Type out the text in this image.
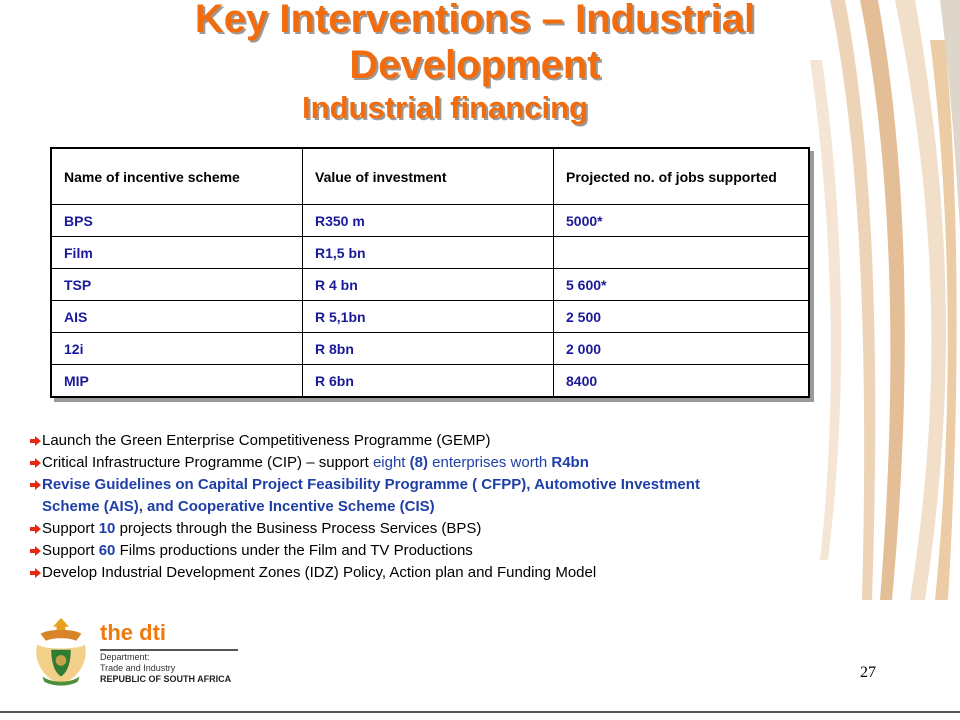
Key Interventions – Industrial Development
Industrial financing
Name of incentive scheme	Value of investment	Projected no. of jobs supported
BPS	R350 m	5000*
Film	R1,5 bn	
TSP	R 4 bn	5 600*
AIS	R 5,1bn	2 500
12i	R 8bn	2 000
MIP	R 6bn	8400
Launch the Green Enterprise Competitiveness Programme (GEMP)
Critical Infrastructure Programme (CIP) – support eight (8) enterprises worth R4bn
Revise Guidelines on Capital Project Feasibility Programme ( CFPP), Automotive Investment
Scheme (AIS), and Cooperative Incentive Scheme (CIS)
Support 10 projects through the Business Process Services (BPS)
Support 60 Films productions under the Film and TV Productions
Develop Industrial Development Zones (IDZ) Policy, Action plan and Funding Model

the dti

Department:
Trade and Industry
REPUBLIC OF SOUTH AFRICA	27
